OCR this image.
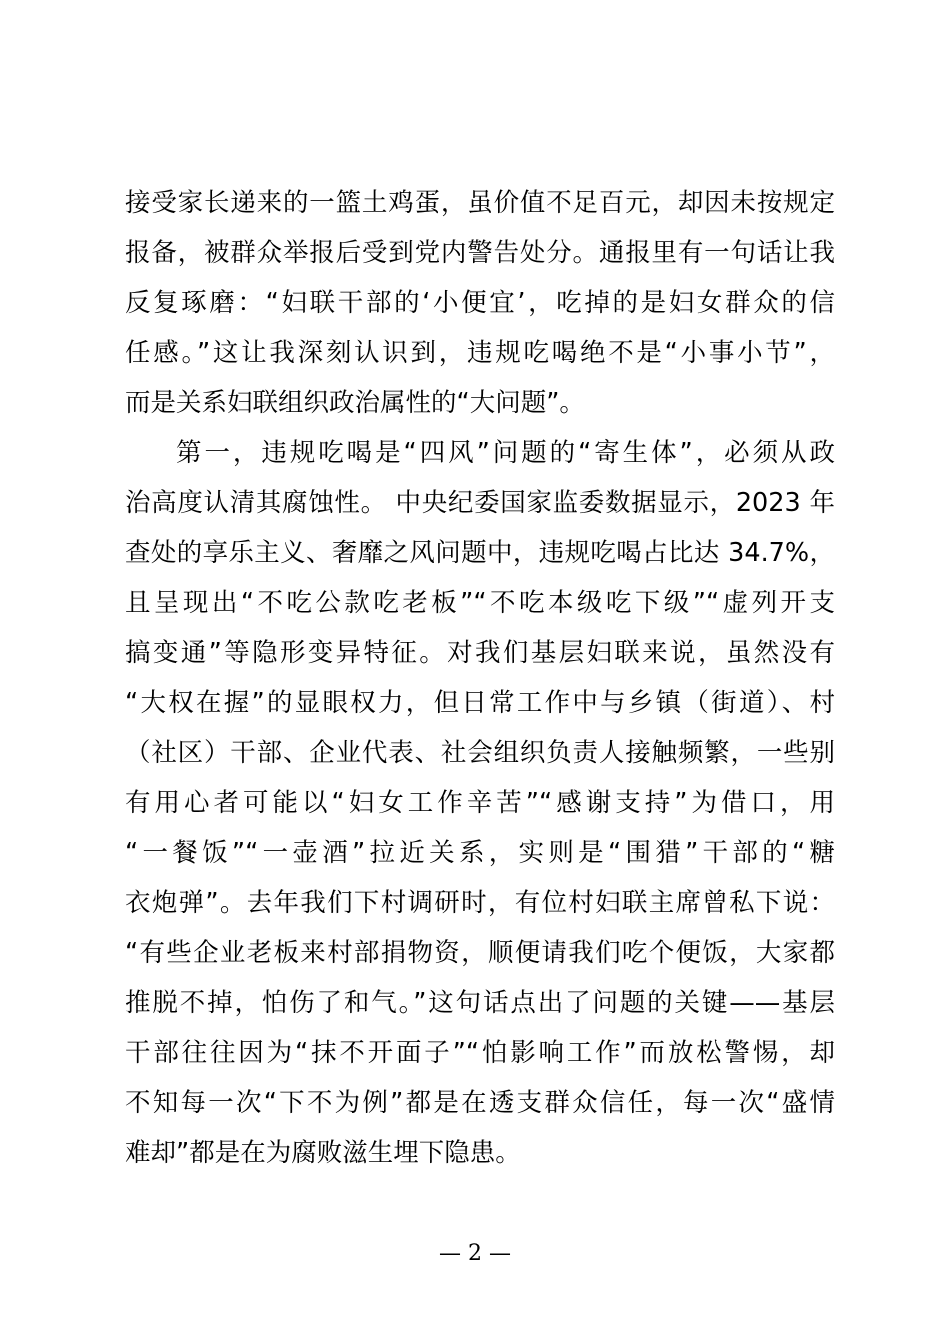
接受家长递来的一篮土鸡蛋，虽价值不足百元，却因未按规定
报备，被群众举报后受到党内警告处分。通报里有一句话让我
反复琢磨：“妇联干部的‘小便宜’，吃掉的是妇女群众的信
任感。”这让我深刻认识到，违规吃喝绝不是“小事小节”，
而是关系妇联组织政治属性的“大问题”。
第一，违规吃喝是“四风”问题的“寄生体”，必须从政
治高度认清其腐蚀性。 中央纪委国家监委数据显示，2023 年
查处的享乐主义、奢靡之风问题中，违规吃喝占比达 34.7%，
且呈现出“不吃公款吃老板”“不吃本级吃下级”“虚列开支
搞变通”等隐形变异特征。对我们基层妇联来说，虽然没有
“大权在握”的显眼权力，但日常工作中与乡镇（街道）、村
（社区）干部、企业代表、社会组织负责人接触频繁，一些别
有用心者可能以“妇女工作辛苦”“感谢支持”为借口，用
“一餐饭”“一壶酒”拉近关系，实则是“围猎”干部的“糖
衣炮弹”。去年我们下村调研时，有位村妇联主席曾私下说：
“有些企业老板来村部捐物资，顺便请我们吃个便饭，大家都
推脱不掉，怕伤了和气。”这句话点出了问题的关键——基层
干部往往因为“抹不开面子”“怕影响工作”而放松警惕，却
不知每一次“下不为例”都是在透支群众信任，每一次“盛情
难却”都是在为腐败滋生埋下隐患。
— 2 —
